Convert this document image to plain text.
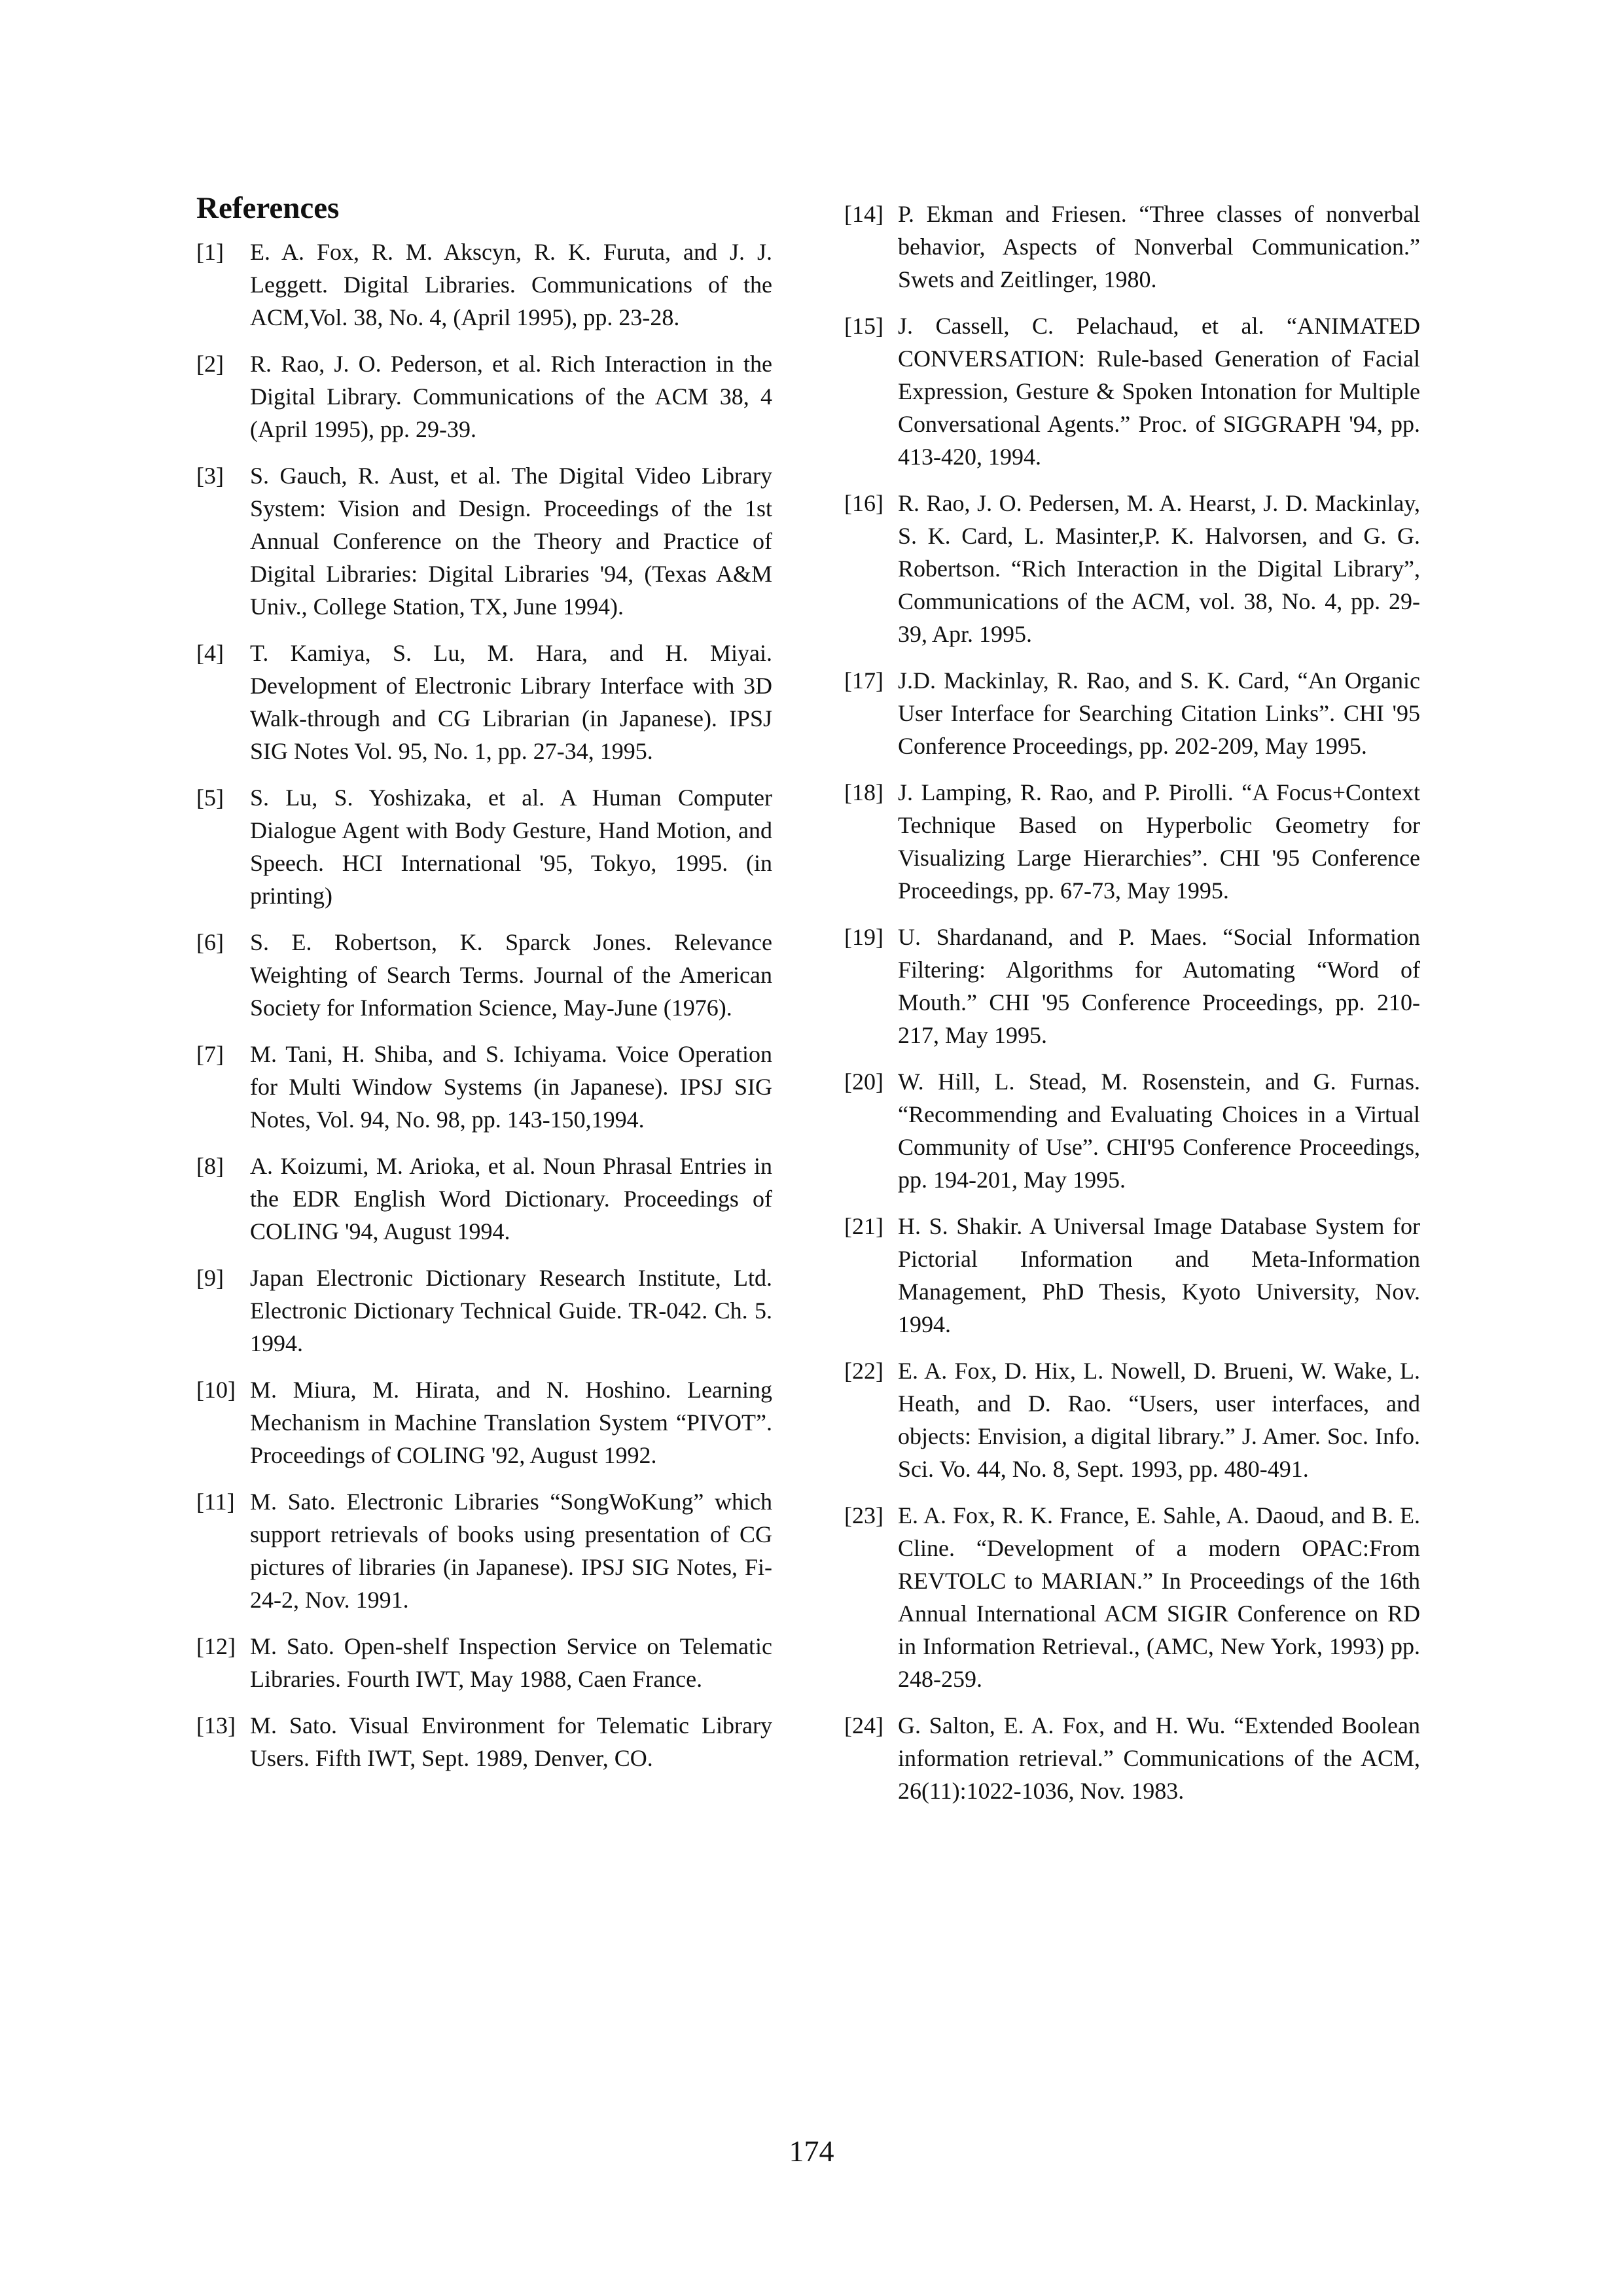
References
[1]	E. A. Fox, R. M. Akscyn, R. K. Furuta, and J. J. Leggett. Digital Libraries. Communications of the ACM,Vol. 38, No. 4, (April 1995), pp. 23-28.
[2]	R. Rao, J. O. Pederson, et al. Rich Interaction in the Digital Library. Communications of the ACM 38, 4 (April 1995), pp. 29-39.
[3]	S. Gauch, R. Aust, et al. The Digital Video Library System: Vision and Design. Proceedings of the 1st Annual Conference on the Theory and Practice of Digital Libraries: Digital Libraries '94, (Texas A&M Univ., College Station, TX, June 1994).
[4]	T. Kamiya, S. Lu, M. Hara, and H. Miyai. Development of Electronic Library Interface with 3D Walk-through and CG Librarian (in Japanese). IPSJ SIG Notes Vol. 95, No. 1, pp. 27-34, 1995.
[5]	S. Lu, S. Yoshizaka, et al. A Human Computer Dialogue Agent with Body Gesture, Hand Motion, and Speech. HCI International '95, Tokyo, 1995. (in printing)
[6]	S. E. Robertson, K. Sparck Jones. Relevance Weighting of Search Terms. Journal of the American Society for Information Science, May-June (1976).
[7]	M. Tani, H. Shiba, and S. Ichiyama. Voice Operation for Multi Window Systems (in Japanese). IPSJ SIG Notes, Vol. 94, No. 98, pp. 143-150,1994.
[8]	A. Koizumi, M. Arioka, et al. Noun Phrasal Entries in the EDR English Word Dictionary. Proceedings of COLING '94, August 1994.
[9]	Japan Electronic Dictionary Research Institute, Ltd. Electronic Dictionary Technical Guide. TR-042. Ch. 5. 1994.
[10] M. Miura, M. Hirata, and N. Hoshino. Learning Mechanism in Machine Translation System “PIVOT”. Proceedings of COLING '92, August 1992.
[11] M. Sato. Electronic Libraries “SongWoKung” which support retrievals of books using presentation of CG pictures of libraries (in Japanese). IPSJ SIG Notes, Fi-24-2, Nov. 1991.
[12] M. Sato. Open-shelf Inspection Service on Telematic Libraries. Fourth IWT, May 1988, Caen France.
[13] M. Sato. Visual Environment for Telematic Library Users. Fifth IWT, Sept. 1989, Denver, CO.
[14] P. Ekman and Friesen. “Three classes of nonverbal behavior, Aspects of Nonverbal Communication.” Swets and Zeitlinger, 1980.
[15] J. Cassell, C. Pelachaud, et al. “ANIMATED CONVERSATION: Rule-based Generation of Facial Expression, Gesture & Spoken Intonation for Multiple Conversational Agents.” Proc. of SIGGRAPH '94, pp. 413-420, 1994.
[16] R. Rao, J. O. Pedersen, M. A. Hearst, J. D. Mackinlay, S. K. Card, L. Masinter,P. K. Halvorsen, and G. G. Robertson. “Rich Interaction in the Digital Library”, Communications of the ACM, vol. 38, No. 4, pp. 29-39, Apr. 1995.
[17] J.D. Mackinlay, R. Rao, and S. K. Card, “An Organic User Interface for Searching Citation Links”. CHI '95 Conference Proceedings, pp. 202-209, May 1995.
[18] J. Lamping, R. Rao, and P. Pirolli. “A Focus+Context Technique Based on Hyperbolic Geometry for Visualizing Large Hierarchies”. CHI '95 Conference Proceedings, pp. 67-73, May 1995.
[19] U. Shardanand, and P. Maes. “Social Information Filtering: Algorithms for Automating “Word of Mouth.” CHI '95 Conference Proceedings, pp. 210-217, May 1995.
[20] W. Hill, L. Stead, M. Rosenstein, and G. Furnas. “Recommending and Evaluating Choices in a Virtual Community of Use”. CHI'95 Conference Proceedings, pp. 194-201, May 1995.
[21] H. S. Shakir. A Universal Image Database System for Pictorial Information and Meta-Information Management, PhD Thesis, Kyoto University, Nov. 1994.
[22] E. A. Fox, D. Hix, L. Nowell, D. Brueni, W. Wake, L. Heath, and D. Rao. “Users, user interfaces, and objects: Envision, a digital library.” J. Amer. Soc. Info. Sci. Vo. 44, No. 8, Sept. 1993, pp. 480-491.
[23] E. A. Fox, R. K. France, E. Sahle, A. Daoud, and B. E. Cline. “Development of a modern OPAC:From REVTOLC to MARIAN.” In Proceedings of the 16th Annual International ACM SIGIR Conference on RD in Information Retrieval., (AMC, New York, 1993) pp. 248-259.
[24] G. Salton, E. A. Fox, and H. Wu. “Extended Boolean information retrieval.” Communications of the ACM, 26(11):1022-1036, Nov. 1983.
174
